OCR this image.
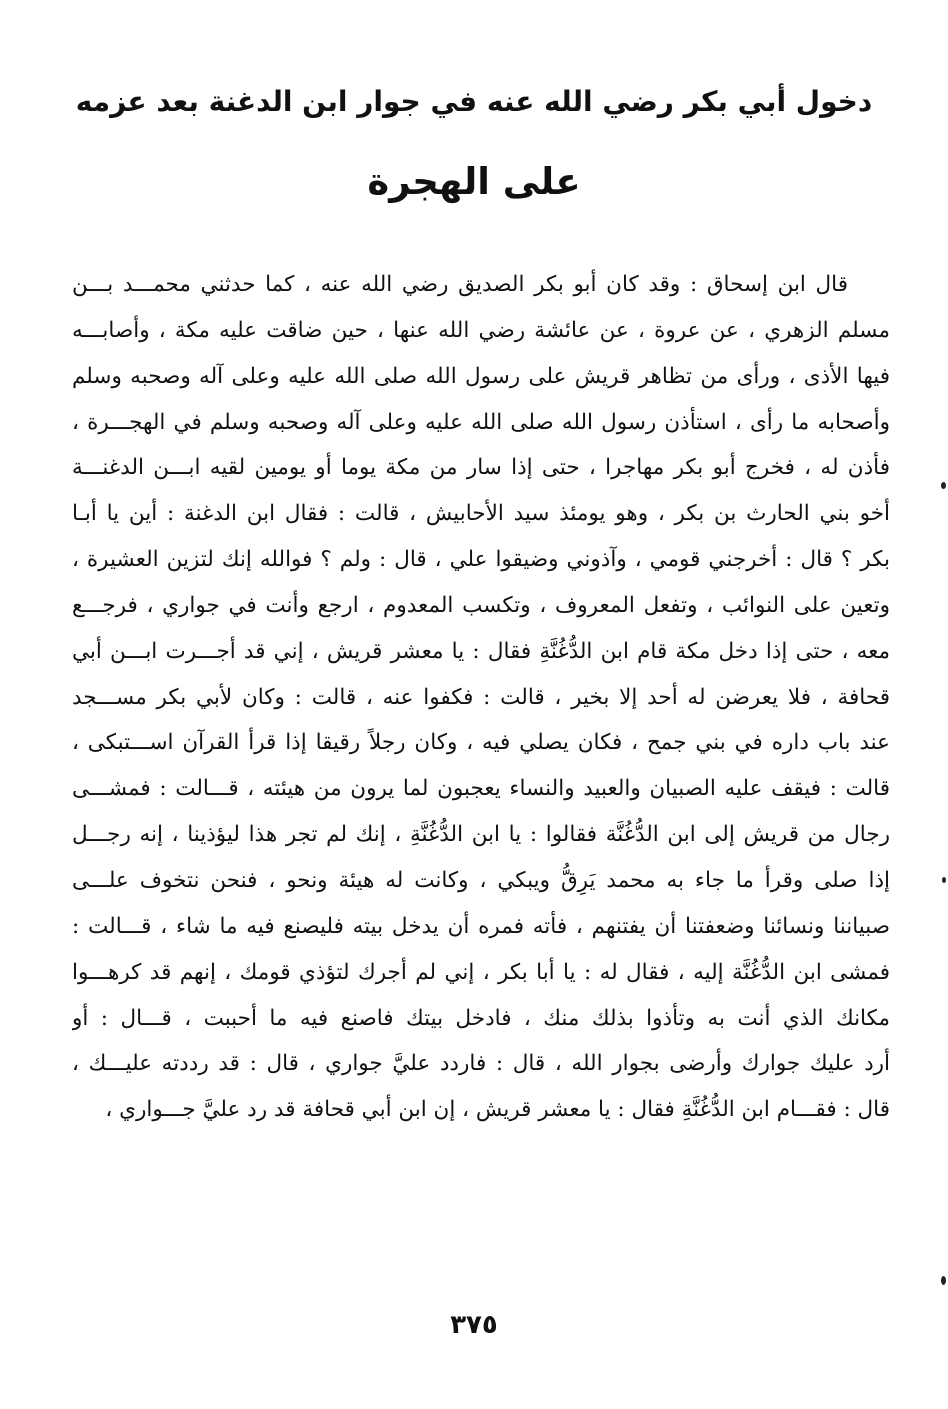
دخول أبي بكر رضي الله عنه في جوار ابن الدغنة بعد عزمه
على الهجرة
قال ابن إسحاق : وقد كان أبو بكر الصديق رضي الله عنه ، كما حدثني محمـــد بـــن
مسلم الزهري ، عن عروة ، عن عائشة رضي الله عنها ، حين ضاقت عليه مكة ، وأصابـــه
فيها الأذى ، ورأى من تظاهر قريش على رسول الله صلى الله عليه وعلى آله وصحبه وسلم
وأصحابه ما رأى ، استأذن رسول الله صلى الله عليه وعلى آله وصحبه وسلم في الهجـــرة ،
فأذن له ، فخرج أبو بكر مهاجرا ، حتى إذا سار من مكة يوما أو يومين لقيه ابـــن الدغنـــة
أخو بني الحارث بن بكر ، وهو يومئذ سيد الأحابيش ، قالت : فقال ابن الدغنة : أين يا أبـا
بكر ؟ قال : أخرجني قومي ، وآذوني وضيقوا علي ، قال : ولم ؟ فوالله إنك لتزين العشيرة ،
وتعين على النوائب ، وتفعل المعروف ، وتكسب المعدوم ، ارجع وأنت في جواري ، فرجـــع
معه ، حتى إذا دخل مكة قام ابن الدُّغُنَّةِ فقال : يا معشر قريش ، إني قد أجـــرت ابـــن أبي
قحافة ، فلا يعرضن له أحد إلا بخير ، قالت : فكفوا عنه ، قالت : وكان لأبي بكر مســـجد
عند باب داره في بني جمح ، فكان يصلي فيه ، وكان رجلاً رقيقا إذا قرأ القرآن اســـتبكى ،
قالت : فيقف عليه الصبيان والعبيد والنساء يعجبون لما يرون من هيئته ، قـــالت : فمشـــى
رجال من قريش إلى ابن الدُّغُنَّة فقالوا : يا ابن الدُّغُنَّةِ ، إنك لم تجر هذا ليؤذينا ، إنه رجـــل
إذا صلى وقرأ ما جاء به محمد يَرِقُّ ويبكي ، وكانت له هيئة ونحو ، فنحن نتخوف علـــى
صبياننا ونسائنا وضعفتنا أن يفتنهم ، فأته فمره أن يدخل بيته فليصنع فيه ما شاء ، قـــالت :
فمشى ابن الدُّغُنَّة إليه ، فقال له : يا أبا بكر ، إني لم أجرك لتؤذي قومك ، إنهم قد كرهـــوا
مكانك الذي أنت به وتأذوا بذلك منك ، فادخل بيتك فاصنع فيه ما أحببت ، قـــال : أو
أرد عليك جوارك وأرضى بجوار الله ، قال : فاردد عليَّ جواري ، قال : قد رددته عليـــك ،
قال : فقـــام ابن الدُّغُنَّةِ فقال : يا معشر قريش ، إن ابن أبي قحافة قد رد عليَّ جـــواري ،
٣٧٥
